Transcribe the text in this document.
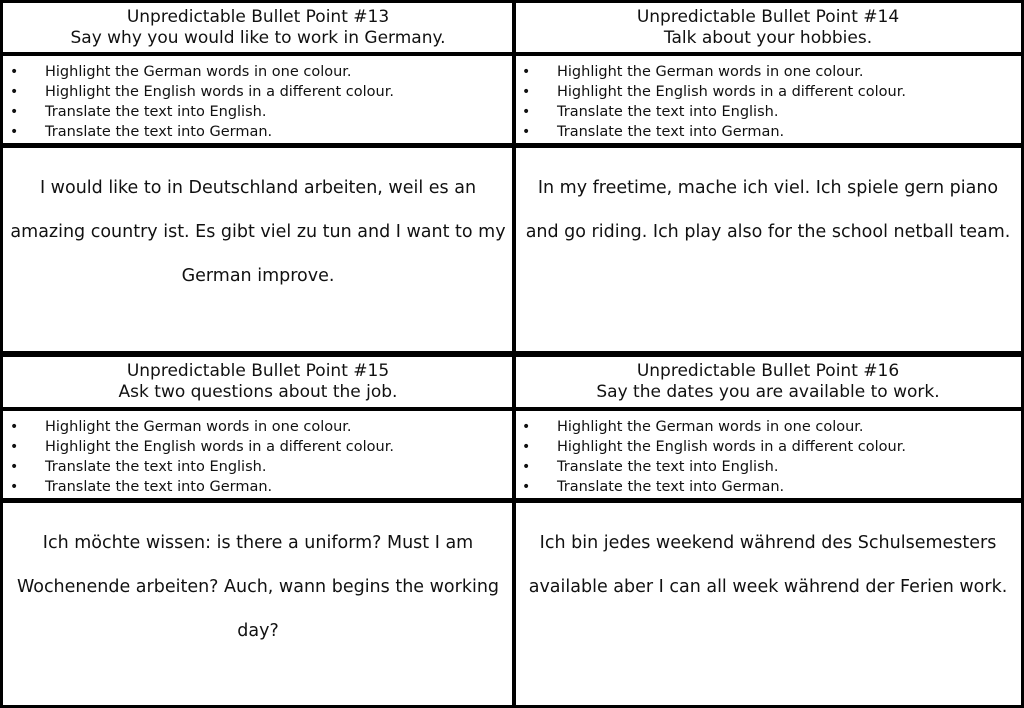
Unpredictable Bullet Point #13
Say why you would like to work in Germany.
• Highlight the German words in one colour.
• Highlight the English words in a different colour.
• Translate the text into English.
• Translate the text into German.

I would like to in Deutschland arbeiten, weil es an amazing country ist. Es gibt viel zu tun and I want to my German improve.

Unpredictable Bullet Point #14
Talk about your hobbies.
• Highlight the German words in one colour.
• Highlight the English words in a different colour.
• Translate the text into English.
• Translate the text into German.

In my freetime, mache ich viel. Ich spiele gern piano and go riding. Ich play also for the school netball team.

Unpredictable Bullet Point #15
Ask two questions about the job.
• Highlight the German words in one colour.
• Highlight the English words in a different colour.
• Translate the text into English.
• Translate the text into German.

Ich möchte wissen: is there a uniform? Must I am Wochenende arbeiten? Auch, wann begins the working day?

Unpredictable Bullet Point #16
Say the dates you are available to work.
• Highlight the German words in one colour.
• Highlight the English words in a different colour.
• Translate the text into English.
• Translate the text into German.

Ich bin jedes weekend während des Schulsemesters available aber I can all week während der Ferien work.
